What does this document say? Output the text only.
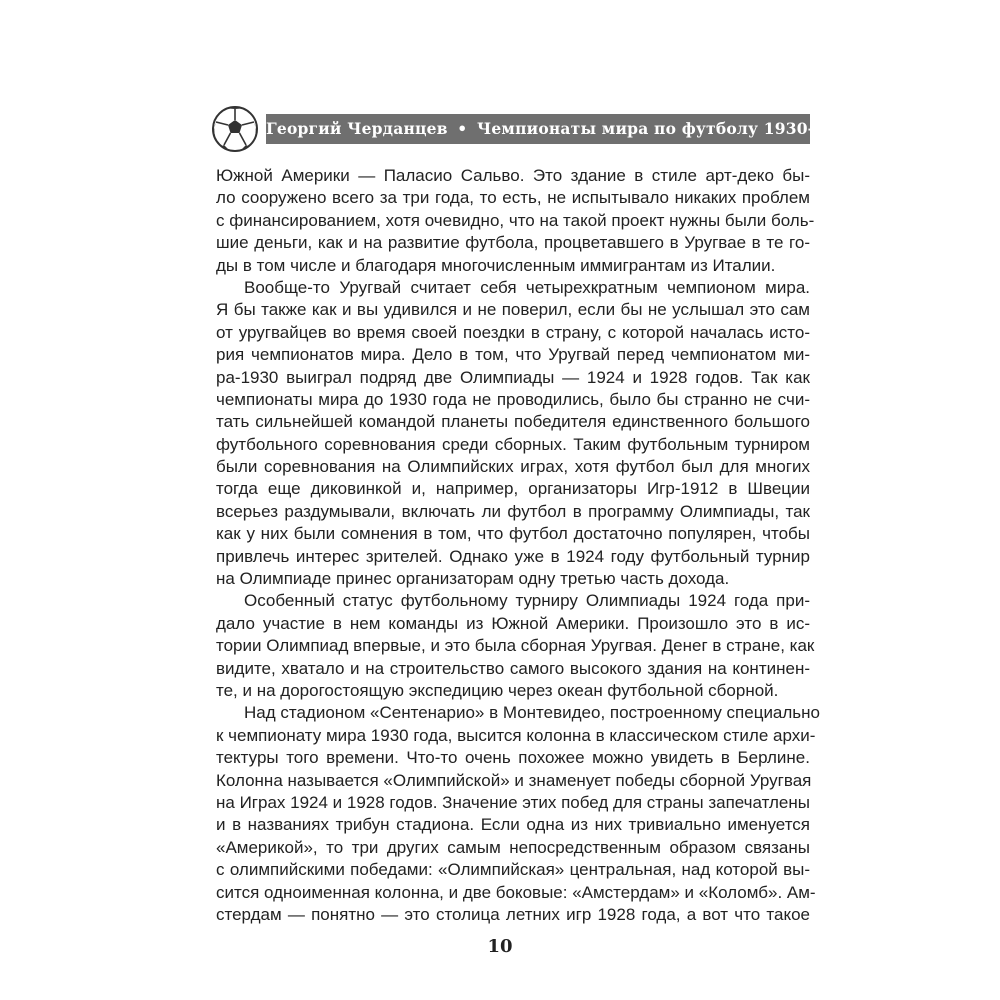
Георгий Черданцев • Чемпионаты мира по футболу 1930–2026
Южной Америки — Паласио Сальво. Это здание в стиле арт-деко бы-
ло сооружено всего за три года, то есть, не испытывало никаких проблем
с финансированием, хотя очевидно, что на такой проект нужны были боль-
шие деньги, как и на развитие футбола, процветавшего в Уругвае в те го-
ды в том числе и благодаря многочисленным иммигрантам из Италии.
Вообще-то Уругвай считает себя четырехкратным чемпионом мира.
Я бы также как и вы удивился и не поверил, если бы не услышал это сам
от уругвайцев во время своей поездки в страну, с которой началась исто-
рия чемпионатов мира. Дело в том, что Уругвай перед чемпионатом ми-
ра-1930 выиграл подряд две Олимпиады — 1924 и 1928 годов. Так как
чемпионаты мира до 1930 года не проводились, было бы странно не счи-
тать сильнейшей командой планеты победителя единственного большого
футбольного соревнования среди сборных. Таким футбольным турниром
были соревнования на Олимпийских играх, хотя футбол был для многих
тогда еще диковинкой и, например, организаторы Игр-1912 в Швеции
всерьез раздумывали, включать ли футбол в программу Олимпиады, так
как у них были сомнения в том, что футбол достаточно популярен, чтобы
привлечь интерес зрителей. Однако уже в 1924 году футбольный турнир
на Олимпиаде принес организаторам одну третью часть дохода.
Особенный статус футбольному турниру Олимпиады 1924 года при-
дало участие в нем команды из Южной Америки. Произошло это в ис-
тории Олимпиад впервые, и это была сборная Уругвая. Денег в стране, как
видите, хватало и на строительство самого высокого здания на континен-
те, и на дорогостоящую экспедицию через океан футбольной сборной.
Над стадионом «Сентенарио» в Монтевидео, построенному специально
к чемпионату мира 1930 года, высится колонна в классическом стиле архи-
тектуры того времени. Что-то очень похожее можно увидеть в Берлине.
Колонна называется «Олимпийской» и знаменует победы сборной Уругвая
на Играх 1924 и 1928 годов. Значение этих побед для страны запечатлены
и в названиях трибун стадиона. Если одна из них тривиально именуется
«Америкой», то три других самым непосредственным образом связаны
с олимпийскими победами: «Олимпийская» центральная, над которой вы-
сится одноименная колонна, и две боковые: «Амстердам» и «Коломб». Ам-
стердам — понятно — это столица летних игр 1928 года, а вот что такое
10
